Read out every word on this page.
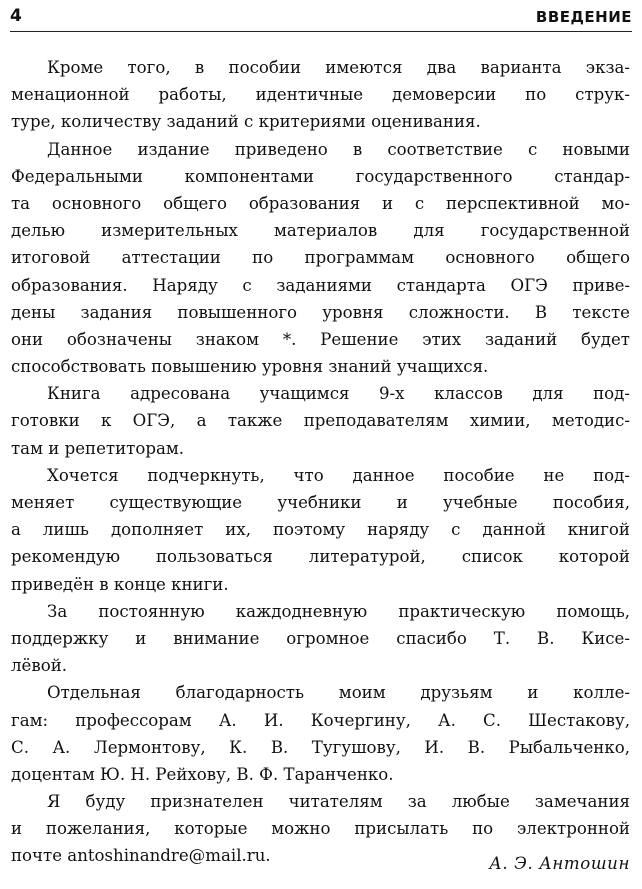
4	ВВЕДЕНИЕ
Кроме того, в пособии имеются два варианта экза-
менационной работы, идентичные демоверсии по струк-
туре, количеству заданий с критериями оценивания.
Данное издание приведено в соответствие с новыми
Федеральными компонентами государственного стандар-
та основного общего образования и с перспективной мо-
делью измерительных материалов для государственной
итоговой аттестации по программам основного общего
образования. Наряду с заданиями стандарта ОГЭ приве-
дены задания повышенного уровня сложности. В тексте
они обозначены знаком *. Решение этих заданий будет
способствовать повышению уровня знаний учащихся.
Книга адресована учащимся 9-х классов для под-
готовки к ОГЭ, а также преподавателям химии, методис-
там и репетиторам.
Хочется подчеркнуть, что данное пособие не под-
меняет существующие учебники и учебные пособия,
а лишь дополняет их, поэтому наряду с данной книгой
рекомендую пользоваться литературой, список которой
приведён в конце книги.
За постоянную каждодневную практическую помощь,
поддержку и внимание огромное спасибо Т. В. Кисе-
лёвой.
Отдельная благодарность моим друзьям и колле-
гам: профессорам А. И. Кочергину, А. С. Шестакову,
С. А. Лермонтову, К. В. Тугушову, И. В. Рыбальченко,
доцентам Ю. Н. Рейхову, В. Ф. Таранченко.
Я буду признателен читателям за любые замечания
и пожелания, которые можно присылать по электронной
почте antoshinandre@mail.ru.	А. Э. Антошин
